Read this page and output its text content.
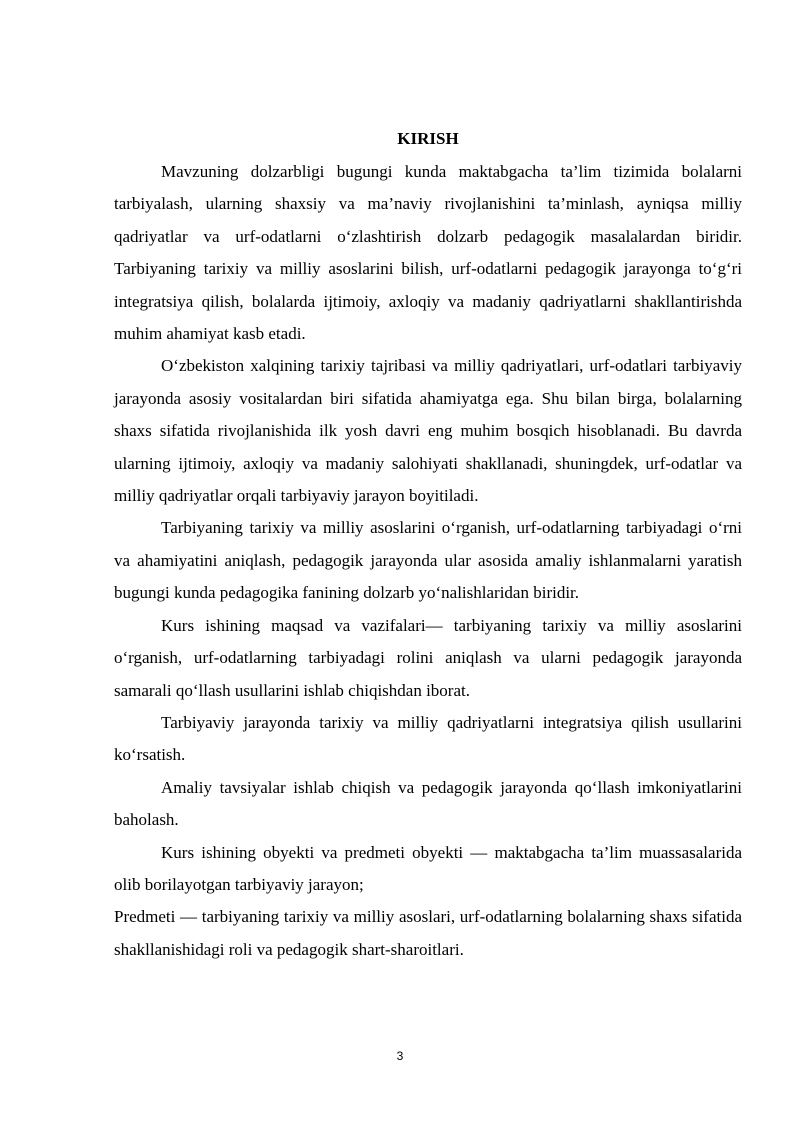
KIRISH

Mavzuning dolzarbligi bugungi kunda maktabgacha ta’lim tizimida bolalarni tarbiyalash, ularning shaxsiy va ma’naviy rivojlanishini ta’minlash, ayniqsa milliy qadriyatlar va urf-odatlarni o‘zlashtirish dolzarb pedagogik masalalardan biridir. Tarbiyaning tarixiy va milliy asoslarini bilish, urf-odatlarni pedagogik jarayonga to‘g‘ri integratsiya qilish, bolalarda ijtimoiy, axloqiy va madaniy qadriyatlarni shakllantirishda muhim ahamiyat kasb etadi.

O‘zbekiston xalqining tarixiy tajribasi va milliy qadriyatlari, urf-odatlari tarbiyaviy jarayonda asosiy vositalardan biri sifatida ahamiyatga ega. Shu bilan birga, bolalarning shaxs sifatida rivojlanishida ilk yosh davri eng muhim bosqich hisoblanadi. Bu davrda ularning ijtimoiy, axloqiy va madaniy salohiyati shakllanadi, shuningdek, urf-odatlar va milliy qadriyatlar orqali tarbiyaviy jarayon boyitiladi.

Tarbiyaning tarixiy va milliy asoslarini o‘rganish, urf-odatlarning tarbiyadagi o‘rni va ahamiyatini aniqlash, pedagogik jarayonda ular asosida amaliy ishlanmalarni yaratish bugungi kunda pedagogika fanining dolzarb yo‘nalishlaridan biridir.

Kurs ishining maqsad va vazifalari— tarbiyaning tarixiy va milliy asoslarini o‘rganish, urf-odatlarning tarbiyadagi rolini aniqlash va ularni pedagogik jarayonda samarali qo‘llash usullarini ishlab chiqishdan iborat.

Tarbiyaviy jarayonda tarixiy va milliy qadriyatlarni integratsiya qilish usullarini ko‘rsatish.

Amaliy tavsiyalar ishlab chiqish va pedagogik jarayonda qo‘llash imkoniyatlarini baholash.

Kurs ishining obyekti va predmeti obyekti — maktabgacha ta’lim muassasalarida olib borilayotgan tarbiyaviy jarayon;

Predmeti — tarbiyaning tarixiy va milliy asoslari, urf-odatlarning bolalarning shaxs sifatida shakllanishidagi roli va pedagogik shart-sharoitlari.

3
